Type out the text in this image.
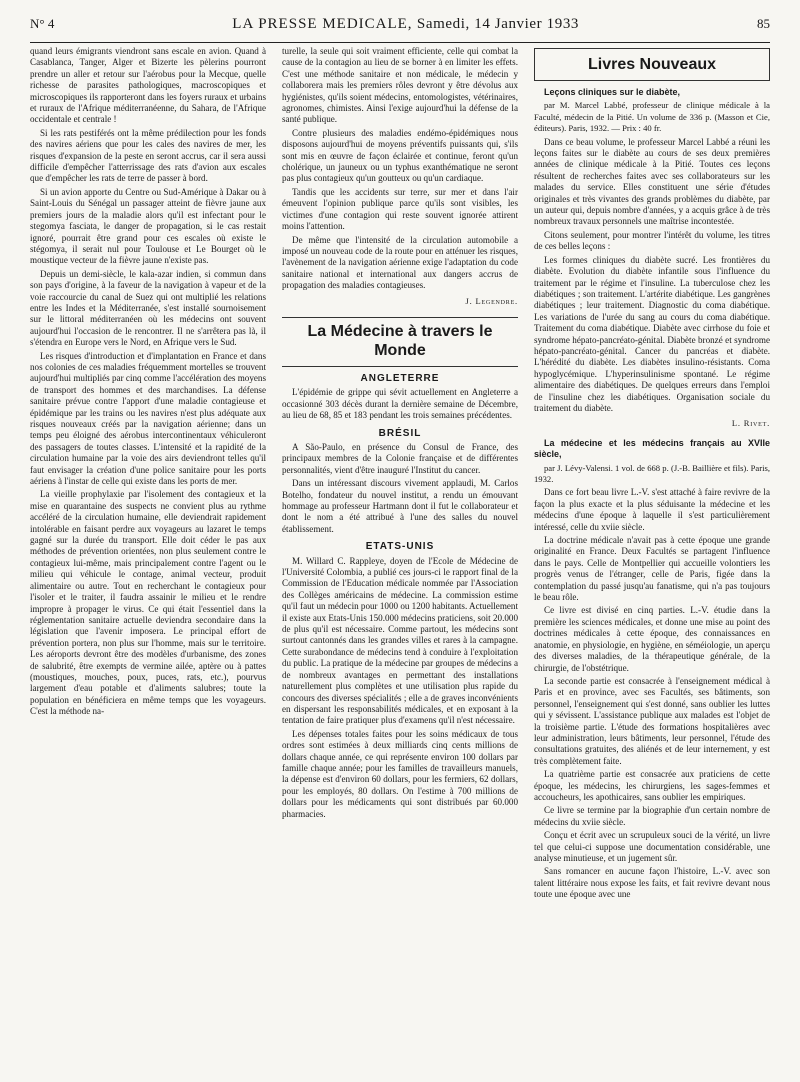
N° 4	LA PRESSE MEDICALE, Samedi, 14 Janvier 1933	85

quand leurs émigrants viendront sans escale en avion. Quand à Casablanca, Tanger, Alger et Bizerte les pèlerins pourront prendre un aller et retour sur l'aérobus pour la Mecque, quelle richesse de parasites pathologiques, macroscopiques et microscopiques ils rapporteront dans les foyers ruraux et urbains et ruraux de l'Afrique méditerranéenne, du Sahara, de l'Afrique occidentale et centrale !

Si les rats pestiférés ont la même prédilection pour les fonds des navires aériens que pour les cales des navires de mer, les risques d'expansion de la peste en seront accrus, car il sera aussi difficile d'empêcher l'atterrissage des rats d'avion aux escales que d'empêcher les rats de terre de passer à bord.

Si un avion apporte du Centre ou Sud-Amérique à Dakar ou à Saint-Louis du Sénégal un passager atteint de fièvre jaune aux premiers jours de la maladie alors qu'il est infectant pour le stegomya fasciata, le danger de propagation, si le cas restait ignoré, pourrait être grand pour ces escales où existe le stégomya, il serait nul pour Toulouse et Le Bourget où le moustique vecteur de la fièvre jaune n'existe pas.

Depuis un demi-siècle, le kala-azar indien, si commun dans son pays d'origine, à la faveur de la navigation à vapeur et de la voie raccourcie du canal de Suez qui ont multiplié les relations entre les Indes et la Méditerranée, s'est installé sournoisement sur le littoral méditerranéen où les médecins ont souvent aujourd'hui l'occasion de le rencontrer. Il ne s'arrêtera pas là, il s'étendra en Europe vers le Nord, en Afrique vers le Sud.

Les risques d'introduction et d'implantation en France et dans nos colonies de ces maladies fréquemment mortelles se trouvent aujourd'hui multipliés par cinq comme l'accélération des moyens de transport des hommes et des marchandises. La défense sanitaire prévue contre l'apport d'une maladie contagieuse et épidémique par les trains ou les navires n'est plus adéquate aux risques nouveaux créés par la navigation aérienne; dans un temps peu éloigné des aérobus intercontinentaux véhiculeront des passagers de toutes classes. L'intensité et la rapidité de la circulation humaine par la voie des airs deviendront telles qu'il faut envisager la création d'une police sanitaire pour les ports aériens à l'instar de celle qui existe dans les ports de mer.

La vieille prophylaxie par l'isolement des contagieux et la mise en quarantaine des suspects ne convient plus au rythme accéléré de la circulation humaine, elle deviendrait rapidement intolérable en faisant perdre aux voyageurs au lazaret le temps gagné sur la durée du transport. Elle doit céder le pas aux méthodes de prévention orientées, non plus seulement contre le contagieux lui-même, mais principalement contre l'agent ou le milieu qui véhicule le contage, animal vecteur, produit alimentaire ou autre. Tout en recherchant le contagieux pour l'isoler et le traiter, il faudra assainir le milieu et le rendre impropre à propager le virus. Ce qui était l'essentiel dans la réglementation sanitaire actuelle deviendra secondaire dans la législation que l'avenir imposera. Le principal effort de prévention portera, non plus sur l'homme, mais sur le territoire. Les aéroports devront être des modèles d'urbanisme, des zones de salubrité, être exempts de vermine ailée, aptère ou à pattes (moustiques, mouches, poux, puces, rats, etc.), pourvus largement d'eau potable et d'aliments salubres; toute la population en bénéficiera en même temps que les voyageurs. C'est la méthode na-

turelle, la seule qui soit vraiment efficiente, celle qui combat la cause de la contagion au lieu de se borner à en limiter les effets. C'est une méthode sanitaire et non médicale, le médecin y collaborera mais les premiers rôles devront y être dévolus aux hygiénistes, qu'ils soient médecins, entomologistes, vétérinaires, agronomes, chimistes. Ainsi l'exige aujourd'hui la défense de la santé publique.

Contre plusieurs des maladies endémo-épidémiques nous disposons aujourd'hui de moyens préventifs puissants qui, s'ils sont mis en œuvre de façon éclairée et continue, feront qu'un cholérique, un jauneux ou un typhus exanthématique ne seront pas plus contagieux qu'un goutteux ou qu'un cardiaque.

Tandis que les accidents sur terre, sur mer et dans l'air émeuvent l'opinion publique parce qu'ils sont visibles, les victimes d'une contagion qui reste souvent ignorée attirent moins l'attention.

De même que l'intensité de la circulation automobile a imposé un nouveau code de la route pour en atténuer les risques, l'avènement de la navigation aérienne exige l'adaptation du code sanitaire national et international aux dangers accrus de propagation des maladies contagieuses.

J. Legendre.
La Médecine à travers le Monde
ANGLETERRE

L'épidémie de grippe qui sévit actuellement en Angleterre a occasionné 303 décès durant la dernière semaine de Décembre, au lieu de 68, 85 et 183 pendant les trois semaines précédentes.

BRÉSIL

A São-Paulo, en présence du Consul de France, des principaux membres de la Colonie française et de différentes personnalités, vient d'être inauguré l'Institut du cancer.

Dans un intéressant discours vivement applaudi, M. Carlos Botelho, fondateur du nouvel institut, a rendu un émouvant hommage au professeur Hartmann dont il fut le collaborateur et dont le nom a été attribué à l'une des salles du nouvel établissement.

ETATS-UNIS

M. Willard C. Rappleye, doyen de l'Ecole de Médecine de l'Université Colombia, a publié ces jours-ci le rapport final de la Commission de l'Education médicale nommée par l'Association des Collèges américains de médecine. La commission estime qu'il faut un médecin pour 1000 ou 1200 habitants. Actuellement il existe aux Etats-Unis 150.000 médecins praticiens, soit 20.000 de plus qu'il est nécessaire. Comme partout, les médecins sont surtout cantonnés dans les grandes villes et rares à la campagne. Cette surabondance de médecins tend à conduire à l'exploitation du public. La pratique de la médecine par groupes de médecins a de nombreux avantages en permettant des installations naturellement plus complètes et une utilisation plus rapide du concours des diverses spécialités ; elle a de graves inconvénients en dispersant les responsabilités médicales, et en exposant à la tentation de faire pratiquer plus d'examens qu'il n'est nécessaire.

Les dépenses totales faites pour les soins médicaux de tous ordres sont estimées à deux milliards cinq cents millions de dollars chaque année, ce qui représente environ 100 dollars par famille chaque année; pour les familles de travailleurs manuels, la dépense est d'environ 60 dollars, pour les fermiers, 62 dollars, pour les employés, 80 dollars. On l'estime à 700 millions de dollars pour les médicaments qui sont distribués par 60.000 pharmacies.

Livres Nouveaux

Leçons cliniques sur le diabète,

par M. Marcel Labbé, professeur de clinique médicale à la Faculté, médecin de la Pitié. Un volume de 336 p. (Masson et Cie, éditeurs). Paris, 1932. — Prix : 40 fr.

Dans ce beau volume, le professeur Marcel Labbé a réuni les leçons faites sur le diabète au cours de ses deux premières années de clinique médicale à la Pitié. Toutes ces leçons résultent de recherches faites avec ses collaborateurs sur les malades du service. Elles constituent une série d'études originales et très vivantes des grands problèmes du diabète, par un auteur qui, depuis nombre d'années, y a acquis grâce à de très nombreux travaux personnels une maîtrise incontestée.

Citons seulement, pour montrer l'intérêt du volume, les titres de ces belles leçons :

Les formes cliniques du diabète sucré. Les frontières du diabète. Evolution du diabète infantile sous l'influence du traitement par le régime et l'insuline. La tuberculose chez les diabétiques ; son traitement. L'artérite diabétique. Les gangrènes diabétiques ; leur traitement. Diagnostic du coma diabétique. Les variations de l'urée du sang au cours du coma diabétique. Traitement du coma diabétique. Diabète avec cirrhose du foie et syndrome hépato-pancréato-génital. Diabète bronzé et syndrome hépato-pancréato-génital. Cancer du pancréas et diabète. L'hérédité du diabète. Les diabètes insulino-résistants. Coma hypoglycémique. L'hyperinsulinisme spontané. Le régime alimentaire des diabétiques. De quelques erreurs dans l'emploi de l'insuline chez les diabétiques. Organisation sociale du traitement du diabète.

L. Rivet.

La médecine et les médecins français au XVIIe siècle,

par J. Lévy-Valensi. 1 vol. de 668 p. (J.-B. Baillière et fils). Paris, 1932.

Dans ce fort beau livre L.-V. s'est attaché à faire revivre de la façon la plus exacte et la plus séduisante la médecine et les médecins d'une époque à laquelle il s'est particulièrement intéressé, celle du xviie siècle.

La doctrine médicale n'avait pas à cette époque une grande originalité en France. Deux Facultés se partagent l'influence dans le pays. Celle de Montpellier qui accueille volontiers les progrès venus de l'étranger, celle de Paris, figée dans la contemplation du passé jusqu'au fanatisme, qui n'a pas toujours le beau rôle.

Ce livre est divisé en cinq parties. L.-V. étudie dans la première les sciences médicales, et donne une mise au point des doctrines médicales à cette époque, des connaissances en anatomie, en physiologie, en hygiène, en séméiologie, un aperçu des diverses maladies, de la thérapeutique générale, de la chirurgie, de l'obstétrique.

La seconde partie est consacrée à l'enseignement médical à Paris et en province, avec ses Facultés, ses bâtiments, son personnel, l'enseignement qui s'est donné, sans oublier les luttes qui y sévissent. L'assistance publique aux malades est l'objet de la troisième partie. L'étude des formations hospitalières avec leur administration, leurs bâtiments, leur personnel, l'étude des consultations gratuites, des aliénés et de leur internement, y est très complètement faite.

La quatrième partie est consacrée aux praticiens de cette époque, les médecins, les chirurgiens, les sages-femmes et accoucheurs, les apothicaires, sans oublier les empiriques.

Ce livre se termine par la biographie d'un certain nombre de médecins du xviie siècle.

Conçu et écrit avec un scrupuleux souci de la vérité, un livre tel que celui-ci suppose une documentation considérable, une analyse minutieuse, et un jugement sûr.

Sans romancer en aucune façon l'histoire, L.-V. avec son talent littéraire nous expose les faits, et fait revivre devant nous toute une époque avec une
